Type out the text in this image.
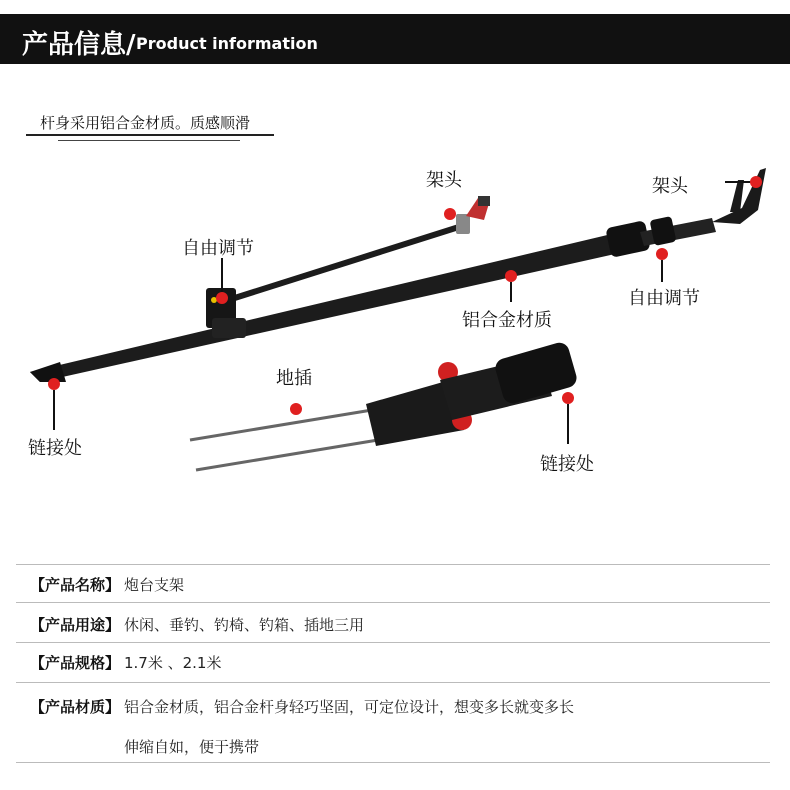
产品信息/ Product information
杆身采用铝合金材质。质感顺滑
架头	架头
自由调节
自由调节
铝合金材质
链接处
地插
链接处
【产品名称】 炮台支架
【产品用途】 休闲、垂钓、钓椅、钓箱、插地三用
【产品规格】 1.7米 、2.1米
【产品材质】 铝合金材质，铝合金杆身轻巧坚固，可定位设计，想变多长就变多长
伸缩自如，便于携带
